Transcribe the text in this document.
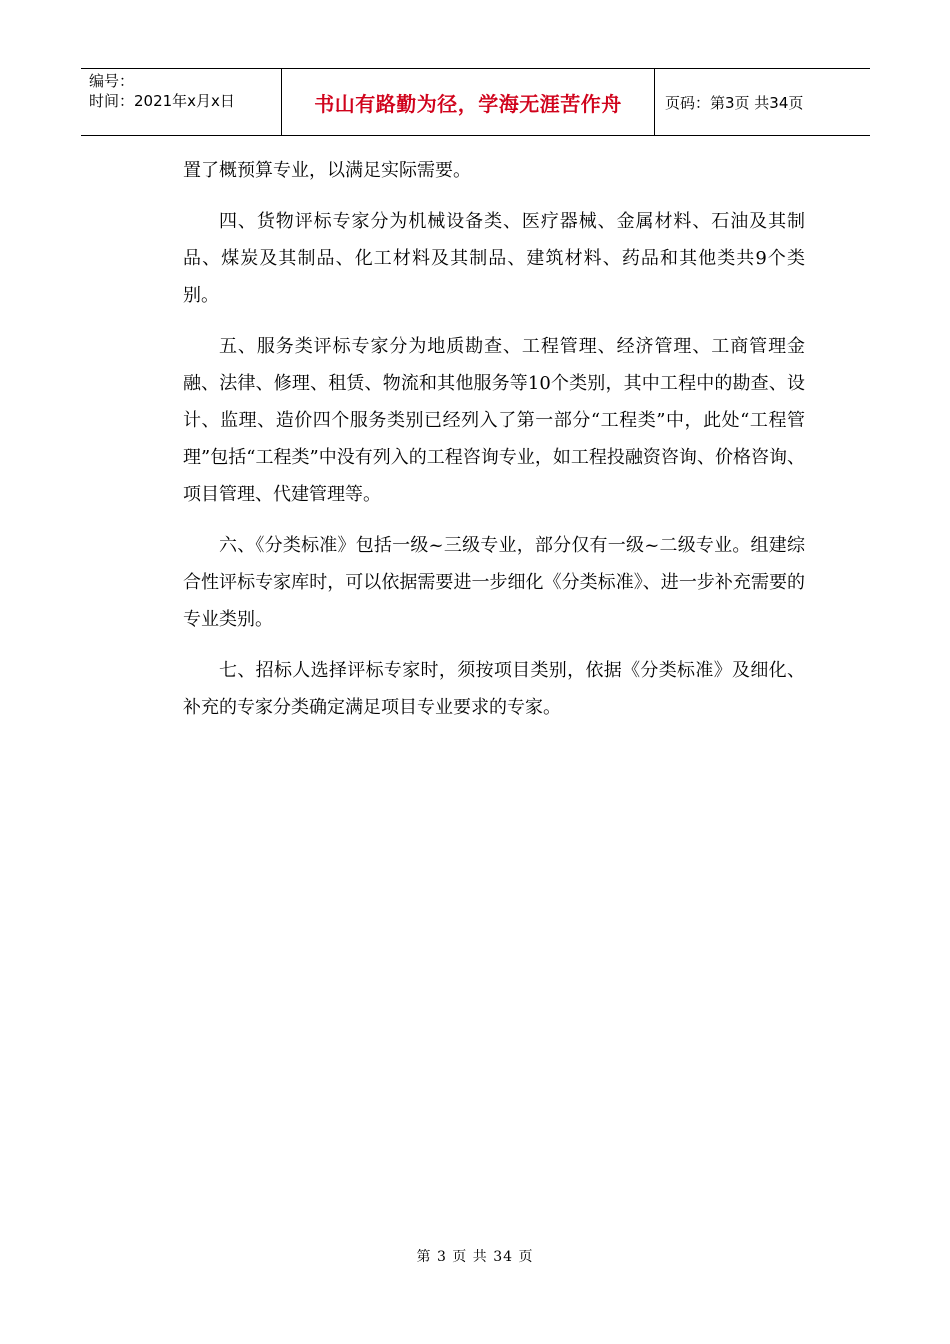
编号：
时间：2021年x月x日	书山有路勤为径，学海无涯苦作舟	页码：第3页 共34页

置了概预算专业，以满足实际需要。

四、货物评标专家分为机械设备类、医疗器械、金属材料、石油及其制品、煤炭及其制品、化工材料及其制品、建筑材料、药品和其他类共9个类别。

五、服务类评标专家分为地质勘查、工程管理、经济管理、工商管理金融、法律、修理、租赁、物流和其他服务等10个类别，其中工程中的勘查、设计、监理、造价四个服务类别已经列入了第一部分“工程类”中，此处“工程管理”包括“工程类”中没有列入的工程咨询专业，如工程投融资咨询、价格咨询、项目管理、代建管理等。

六、《分类标准》包括一级~三级专业，部分仅有一级~二级专业。组建综合性评标专家库时，可以依据需要进一步细化《分类标准》、进一步补充需要的专业类别。

七、招标人选择评标专家时，须按项目类别，依据《分类标准》及细化、补充的专家分类确定满足项目专业要求的专家。

第 3 页 共 34 页
